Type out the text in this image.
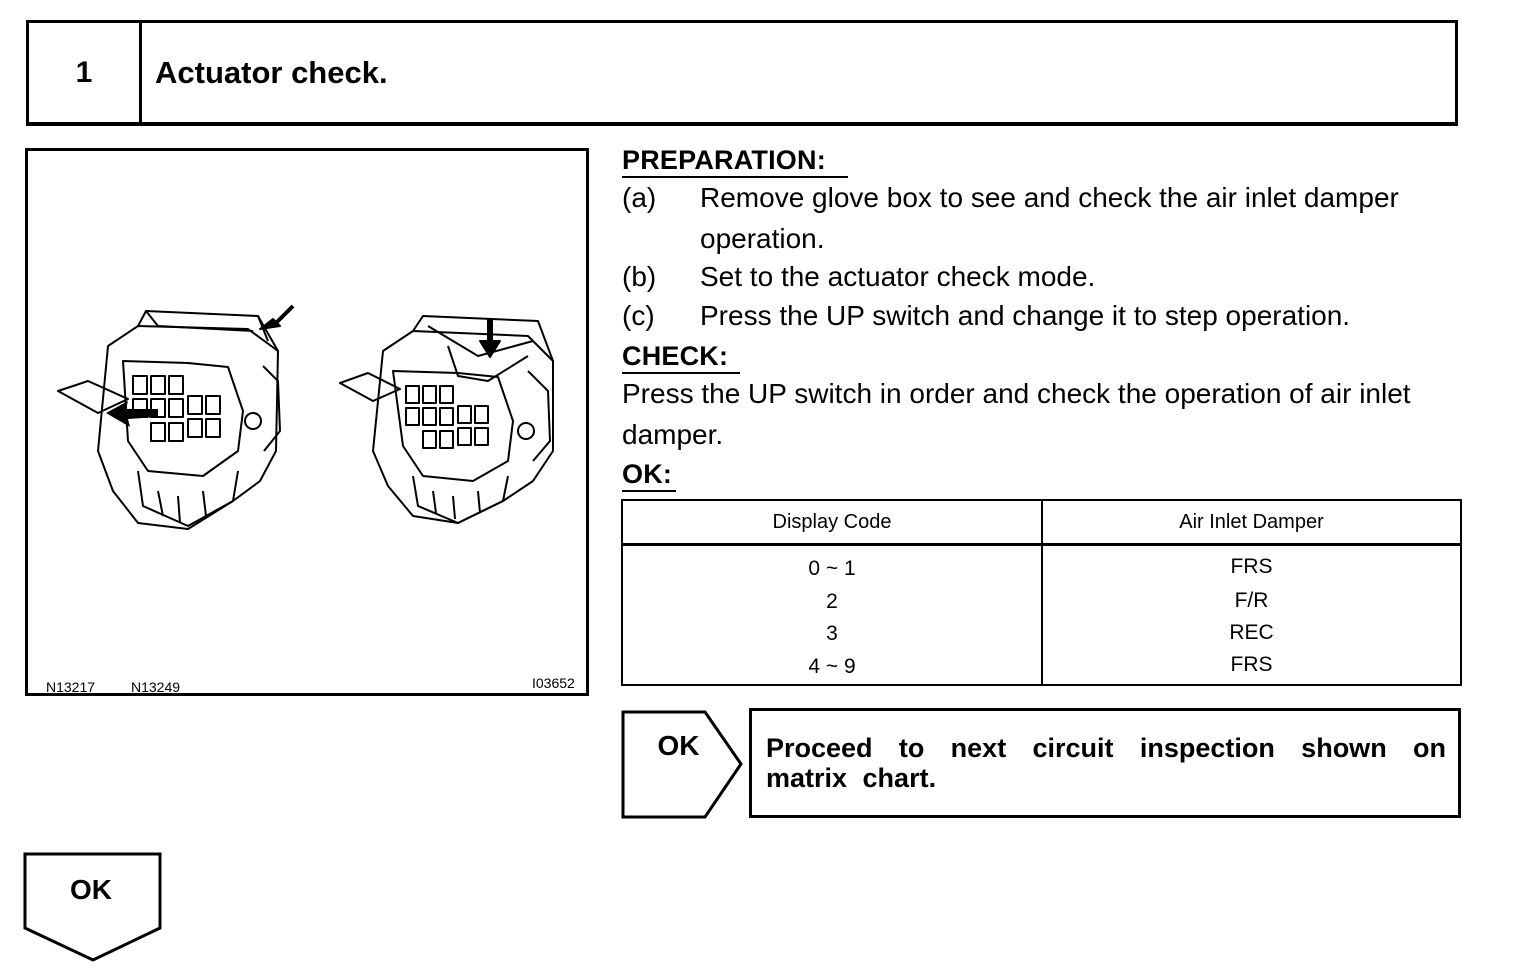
1	Actuator check.
N13217	N13249	I03652
PREPARATION:
(a) Remove glove box to see and check the air inlet damper
operation.
(b) Set to the actuator check mode.
(c) Press the UP switch and change it to step operation.
CHECK:
Press the UP switch in order and check the operation of air inlet
damper.
OK:
Display Code	Air Inlet Damper
0 ~ 1	FRS
2	F/R
3	REC
4 ~ 9	FRS
OK	Proceed to next circuit inspection shown on matrix chart.
OK
